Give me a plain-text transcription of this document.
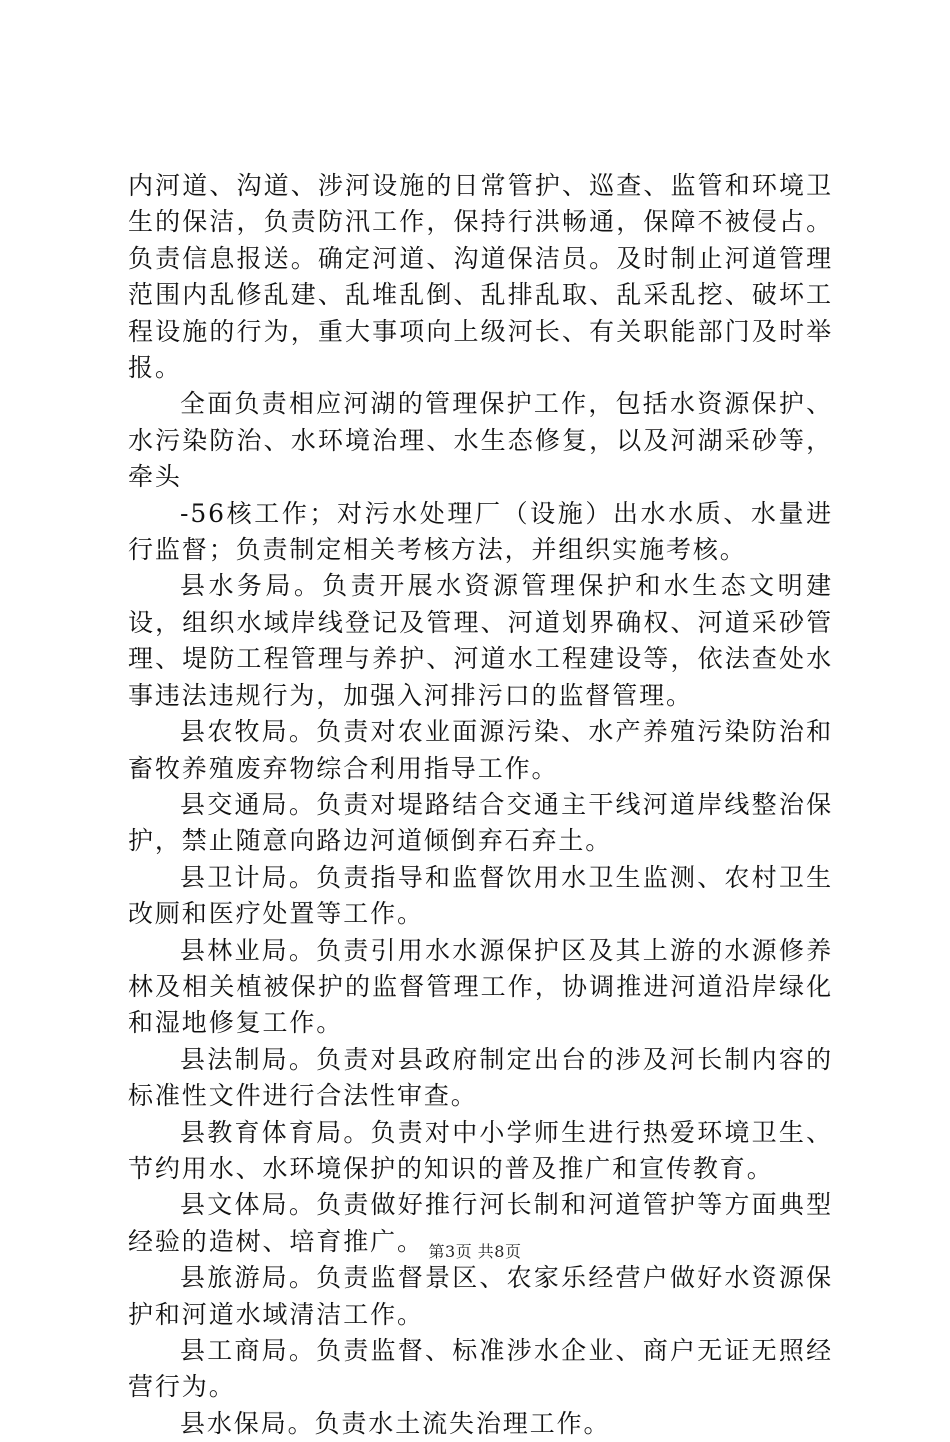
内河道、沟道、涉河设施的日常管护、巡查、监管和环境卫生的保洁，负责防汛工作，保持行洪畅通，保障不被侵占。负责信息报送。确定河道、沟道保洁员。及时制止河道管理范围内乱修乱建、乱堆乱倒、乱排乱取、乱采乱挖、破坏工程设施的行为，重大事项向上级河长、有关职能部门及时举报。

全面负责相应河湖的管理保护工作，包括水资源保护、水污染防治、水环境治理、水生态修复，以及河湖采砂等，牵头

-56核工作；对污水处理厂（设施）出水水质、水量进行监督；负责制定相关考核方法，并组织实施考核。

县水务局。负责开展水资源管理保护和水生态文明建设，组织水域岸线登记及管理、河道划界确权、河道采砂管理、堤防工程管理与养护、河道水工程建设等，依法查处水事违法违规行为，加强入河排污口的监督管理。

县农牧局。负责对农业面源污染、水产养殖污染防治和畜牧养殖废弃物综合利用指导工作。

县交通局。负责对堤路结合交通主干线河道岸线整治保护，禁止随意向路边河道倾倒弃石弃土。

县卫计局。负责指导和监督饮用水卫生监测、农村卫生改厕和医疗处置等工作。

县林业局。负责引用水水源保护区及其上游的水源修养林及相关植被保护的监督管理工作，协调推进河道沿岸绿化和湿地修复工作。

县法制局。负责对县政府制定出台的涉及河长制内容的标准性文件进行合法性审查。

县教育体育局。负责对中小学师生进行热爱环境卫生、节约用水、水环境保护的知识的普及推广和宣传教育。

县文体局。负责做好推行河长制和河道管护等方面典型经验的造树、培育推广。

县旅游局。负责监督景区、农家乐经营户做好水资源保护和河道水域清洁工作。

县工商局。负责监督、标准涉水企业、商户无证无照经营行为。

县水保局。负责水土流失治理工作。

第3页 共8页
